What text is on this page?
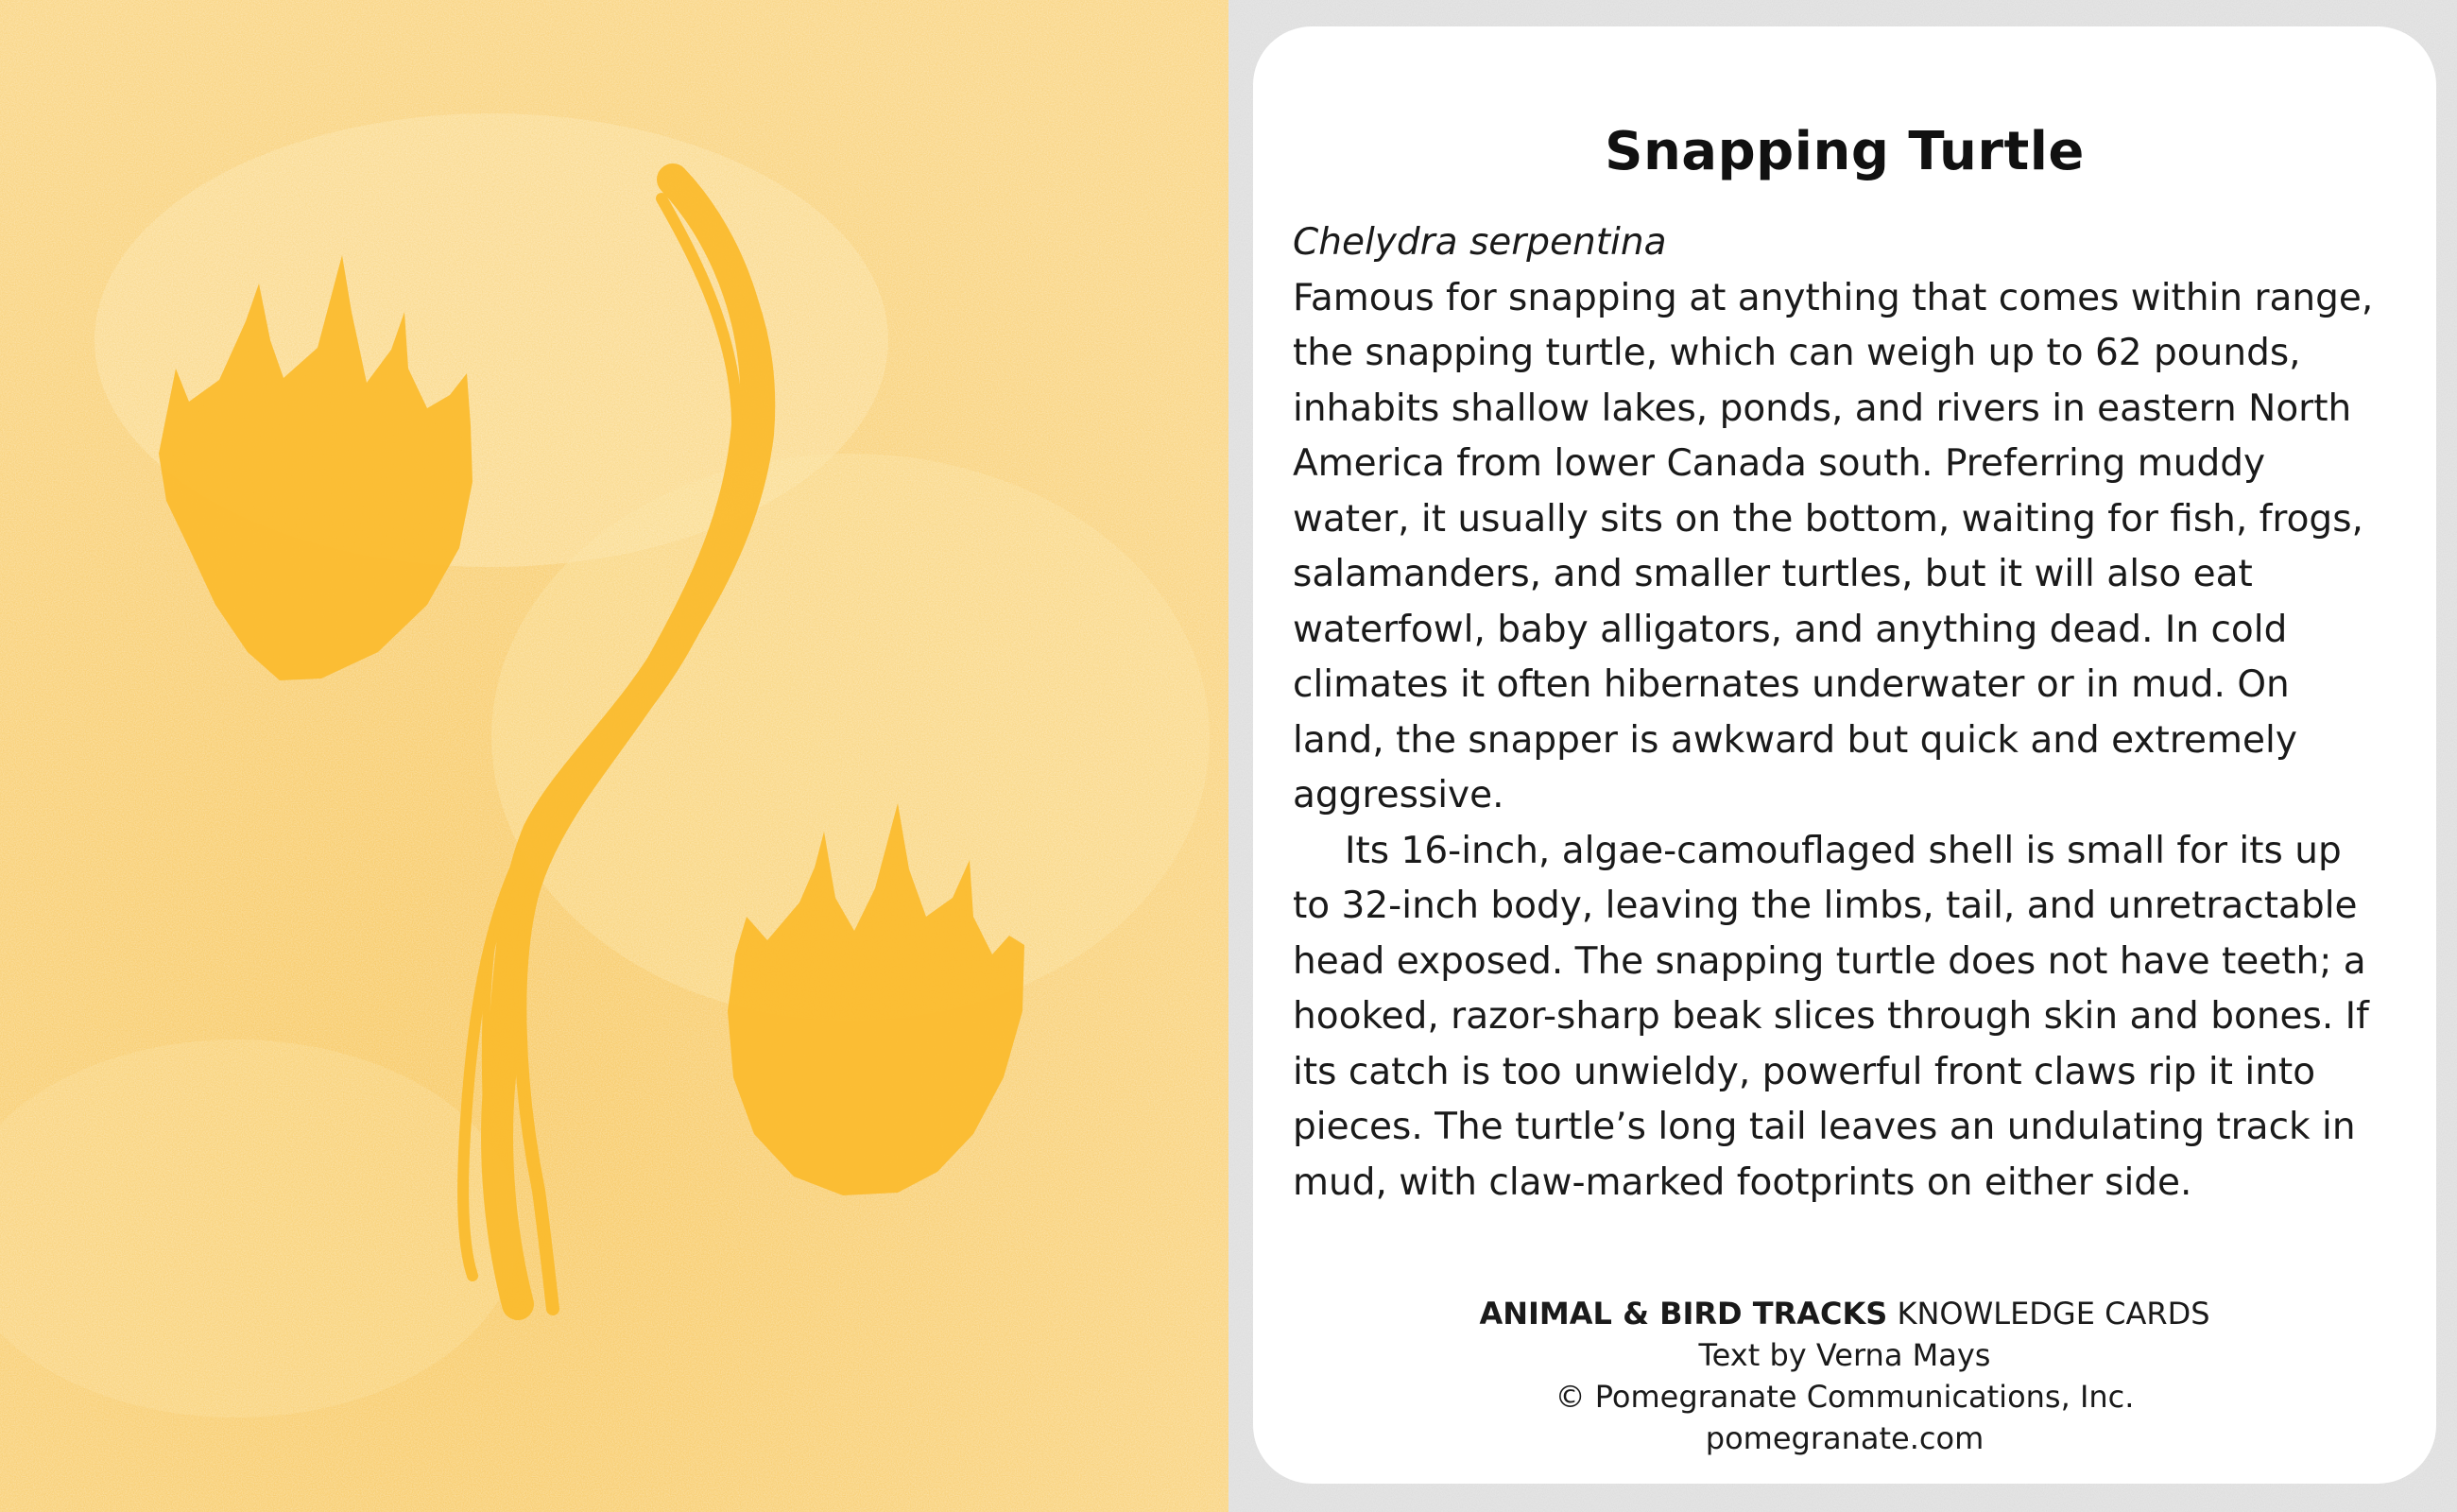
Snapping Turtle
Chelydra serpentina

Famous for snapping at anything that comes within range, the snapping turtle, which can weigh up to 62 pounds, inhabits shallow lakes, ponds, and rivers in eastern North America from lower Canada south. Preferring muddy water, it usually sits on the bottom, waiting for fish, frogs, salamanders, and smaller turtles, but it will also eat waterfowl, baby alligators, and anything dead. In cold climates it often hibernates underwater or in mud. On land, the snapper is awkward but quick and extremely aggressive.

Its 16-inch, algae-camouflaged shell is small for its up to 32-inch body, leaving the limbs, tail, and unretractable head exposed. The snapping turtle does not have teeth; a hooked, razor-sharp beak slices through skin and bones. If its catch is too unwieldy, powerful front claws rip it into pieces. The turtle’s long tail leaves an undulating track in mud, with claw-marked footprints on either side.

ANIMAL & BIRD TRACKS KNOWLEDGE CARDS
Text by Verna Mays
© Pomegranate Communications, Inc.
pomegranate.com
